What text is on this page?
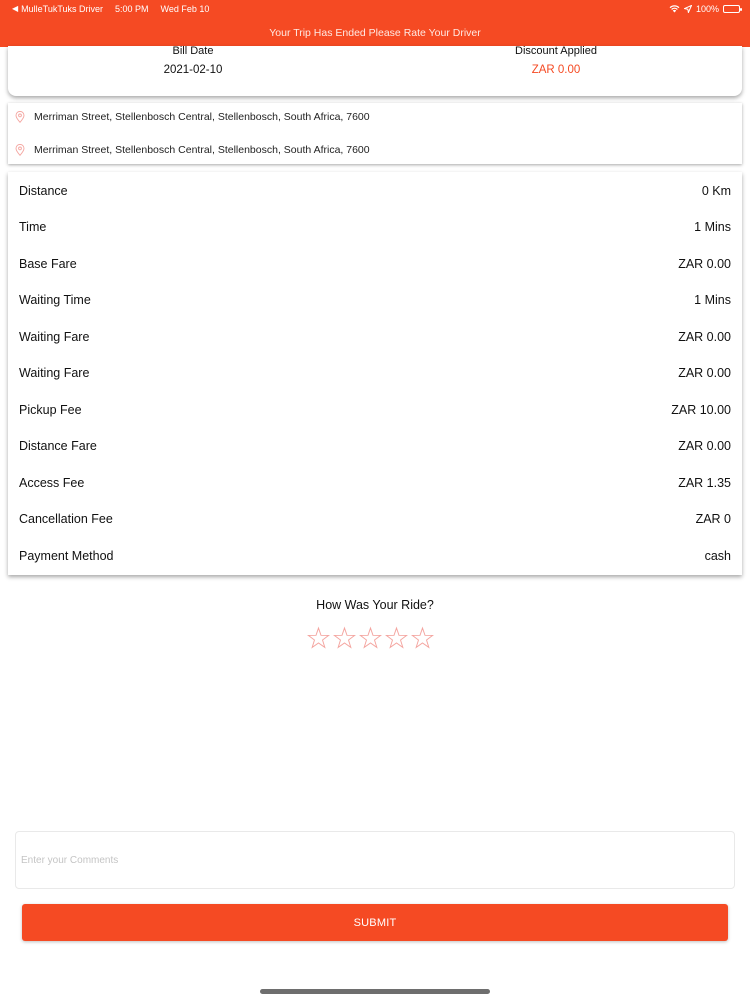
◀ MulleTukTuks Driver 5:00 PM Wed Feb 10	100%
Your Trip Has Ended Please Rate Your Driver
Bill Date
2021-02-10
Discount Applied
ZAR 0.00
Merriman Street, Stellenbosch Central, Stellenbosch, South Africa, 7600
Merriman Street, Stellenbosch Central, Stellenbosch, South Africa, 7600
Distance	0 Km
Time	1 Mins
Base Fare	ZAR 0.00
Waiting Time	1 Mins
Waiting Fare	ZAR 0.00
Waiting Fare	ZAR 0.00
Pickup Fee	ZAR 10.00
Distance Fare	ZAR 0.00
Access Fee	ZAR 1.35
Cancellation Fee	ZAR 0
Payment Method	cash
How Was Your Ride?
Enter your Comments
SUBMIT
